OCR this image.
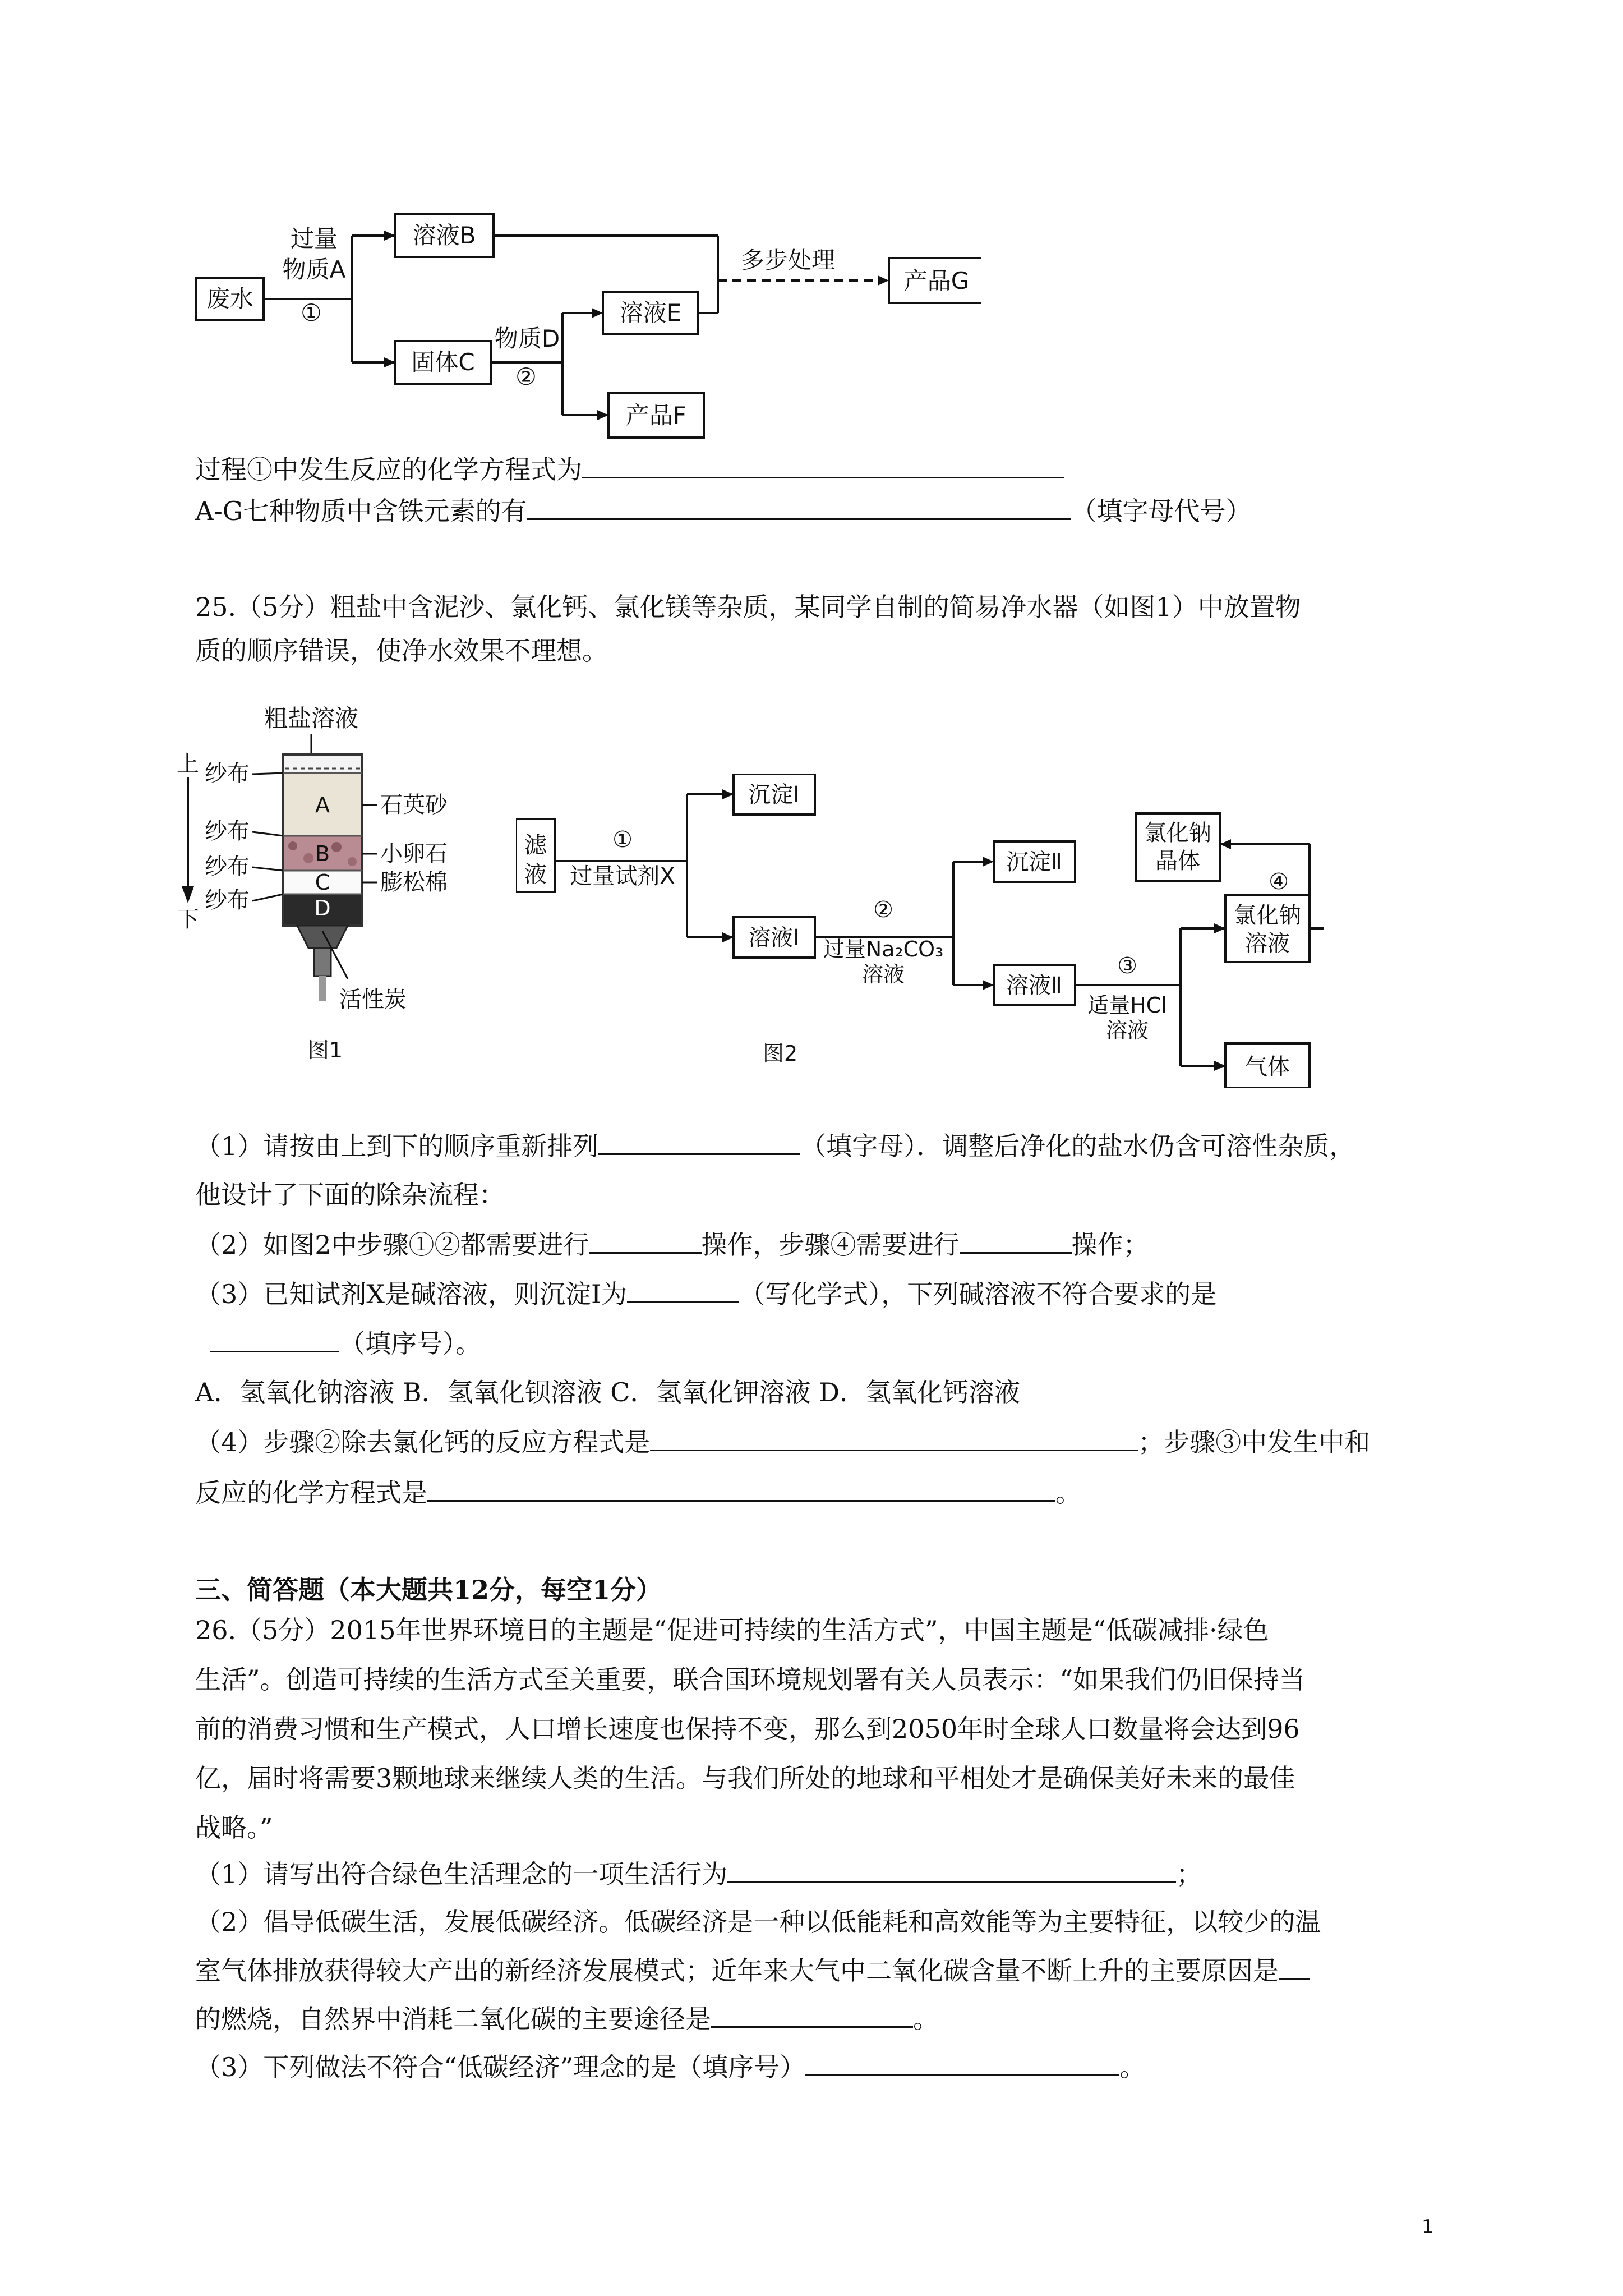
废水
过量
物质A
①
溶液B
固体C
物质D
②
溶液E
产品F
多步处理
产品G
过程①中发生反应的化学方程式为
A-G七种物质中含铁元素的有	（填字母代号）
25.（5分）粗盐中含泥沙、氯化钙、氯化镁等杂质，某同学自制的简易净水器（如图1）中放置物
质的顺序错误，使净水效果不理想。
粗盐溶液
上
下
A
B
C
D
纱布
纱布
纱布
纱布
石英砂
小卵石
膨松棉
活性炭
图1
滤
液
①
过量试剂X
沉淀Ⅰ
溶液Ⅰ
②
过量Na₂CO₃
溶液
沉淀Ⅱ
溶液Ⅱ
③
适量HCl
溶液
氯化钠
溶液
气体
氯化钠
晶体
④
图2
（1）请按由上到下的顺序重新排列	（填字母）．调整后净化的盐水仍含可溶性杂质，
他设计了下面的除杂流程：
（2）如图2中步骤①②都需要进行	操作，步骤④需要进行	操作；
（3）已知试剂X是碱溶液，则沉淀Ⅰ为	（写化学式），下列碱溶液不符合要求的是
（填序号）。
A．氢氧化钠溶液 B．氢氧化钡溶液 C．氢氧化钾溶液 D．氢氧化钙溶液
（4）步骤②除去氯化钙的反应方程式是	；步骤③中发生中和
反应的化学方程式是	。
三、简答题（本大题共12分，每空1分）
26.（5分）2015年世界环境日的主题是“促进可持续的生活方式”，中国主题是“低碳减排·绿色
生活”。创造可持续的生活方式至关重要，联合国环境规划署有关人员表示：“如果我们仍旧保持当
前的消费习惯和生产模式，人口增长速度也保持不变，那么到2050年时全球人口数量将会达到96
亿，届时将需要3颗地球来继续人类的生活。与我们所处的地球和平相处才是确保美好未来的最佳
战略。”
（1）请写出符合绿色生活理念的一项生活行为	；
（2）倡导低碳生活，发展低碳经济。低碳经济是一种以低能耗和高效能等为主要特征，以较少的温
室气体排放获得较大产出的新经济发展模式；近年来大气中二氧化碳含量不断上升的主要原因是
的燃烧，自然界中消耗二氧化碳的主要途径是	。
（3）下列做法不符合“低碳经济”理念的是（填序号）	。
1
